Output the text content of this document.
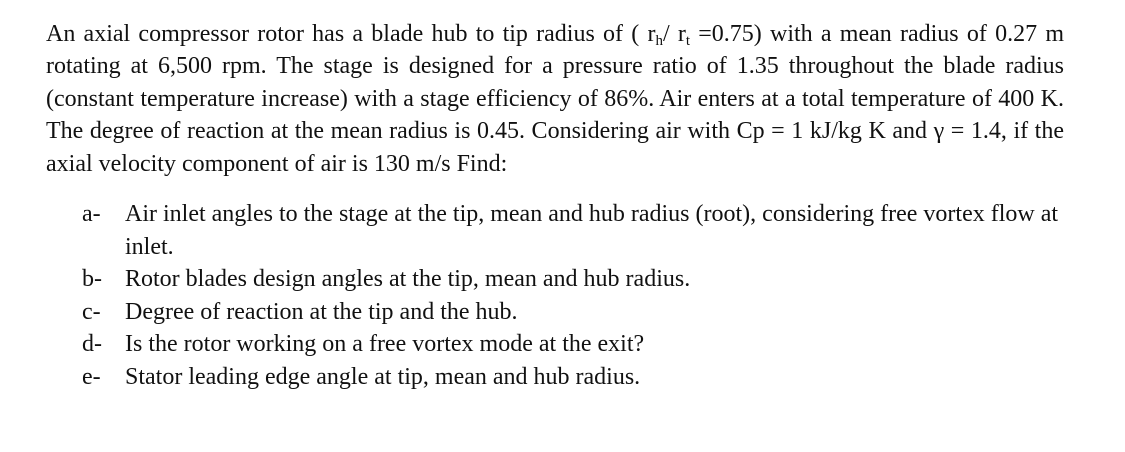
An axial compressor rotor has a blade hub to tip radius of ( $r_h/$ $r_t =0.75$) with a mean radius of 0.27 m rotating at 6,500 rpm. The stage is designed for a pressure ratio of 1.35 throughout the blade radius (constant temperature increase) with a stage efficiency of 86%. Air enters at a total temperature of 400 K. The degree of reaction at the mean radius is 0.45. Considering air with Cp = 1 kJ/kg K and γ = 1.4, if the axial velocity component of air is 130 m/s Find:

a-	Air inlet angles to the stage at the tip, mean and hub radius (root), considering free vortex flow at inlet.
b- Rotor blades design angles at the tip, mean and hub radius.
c-	Degree of reaction at the tip and the hub.
d- Is the rotor working on a free vortex mode at the exit?
e-	Stator leading edge angle at tip, mean and hub radius.
